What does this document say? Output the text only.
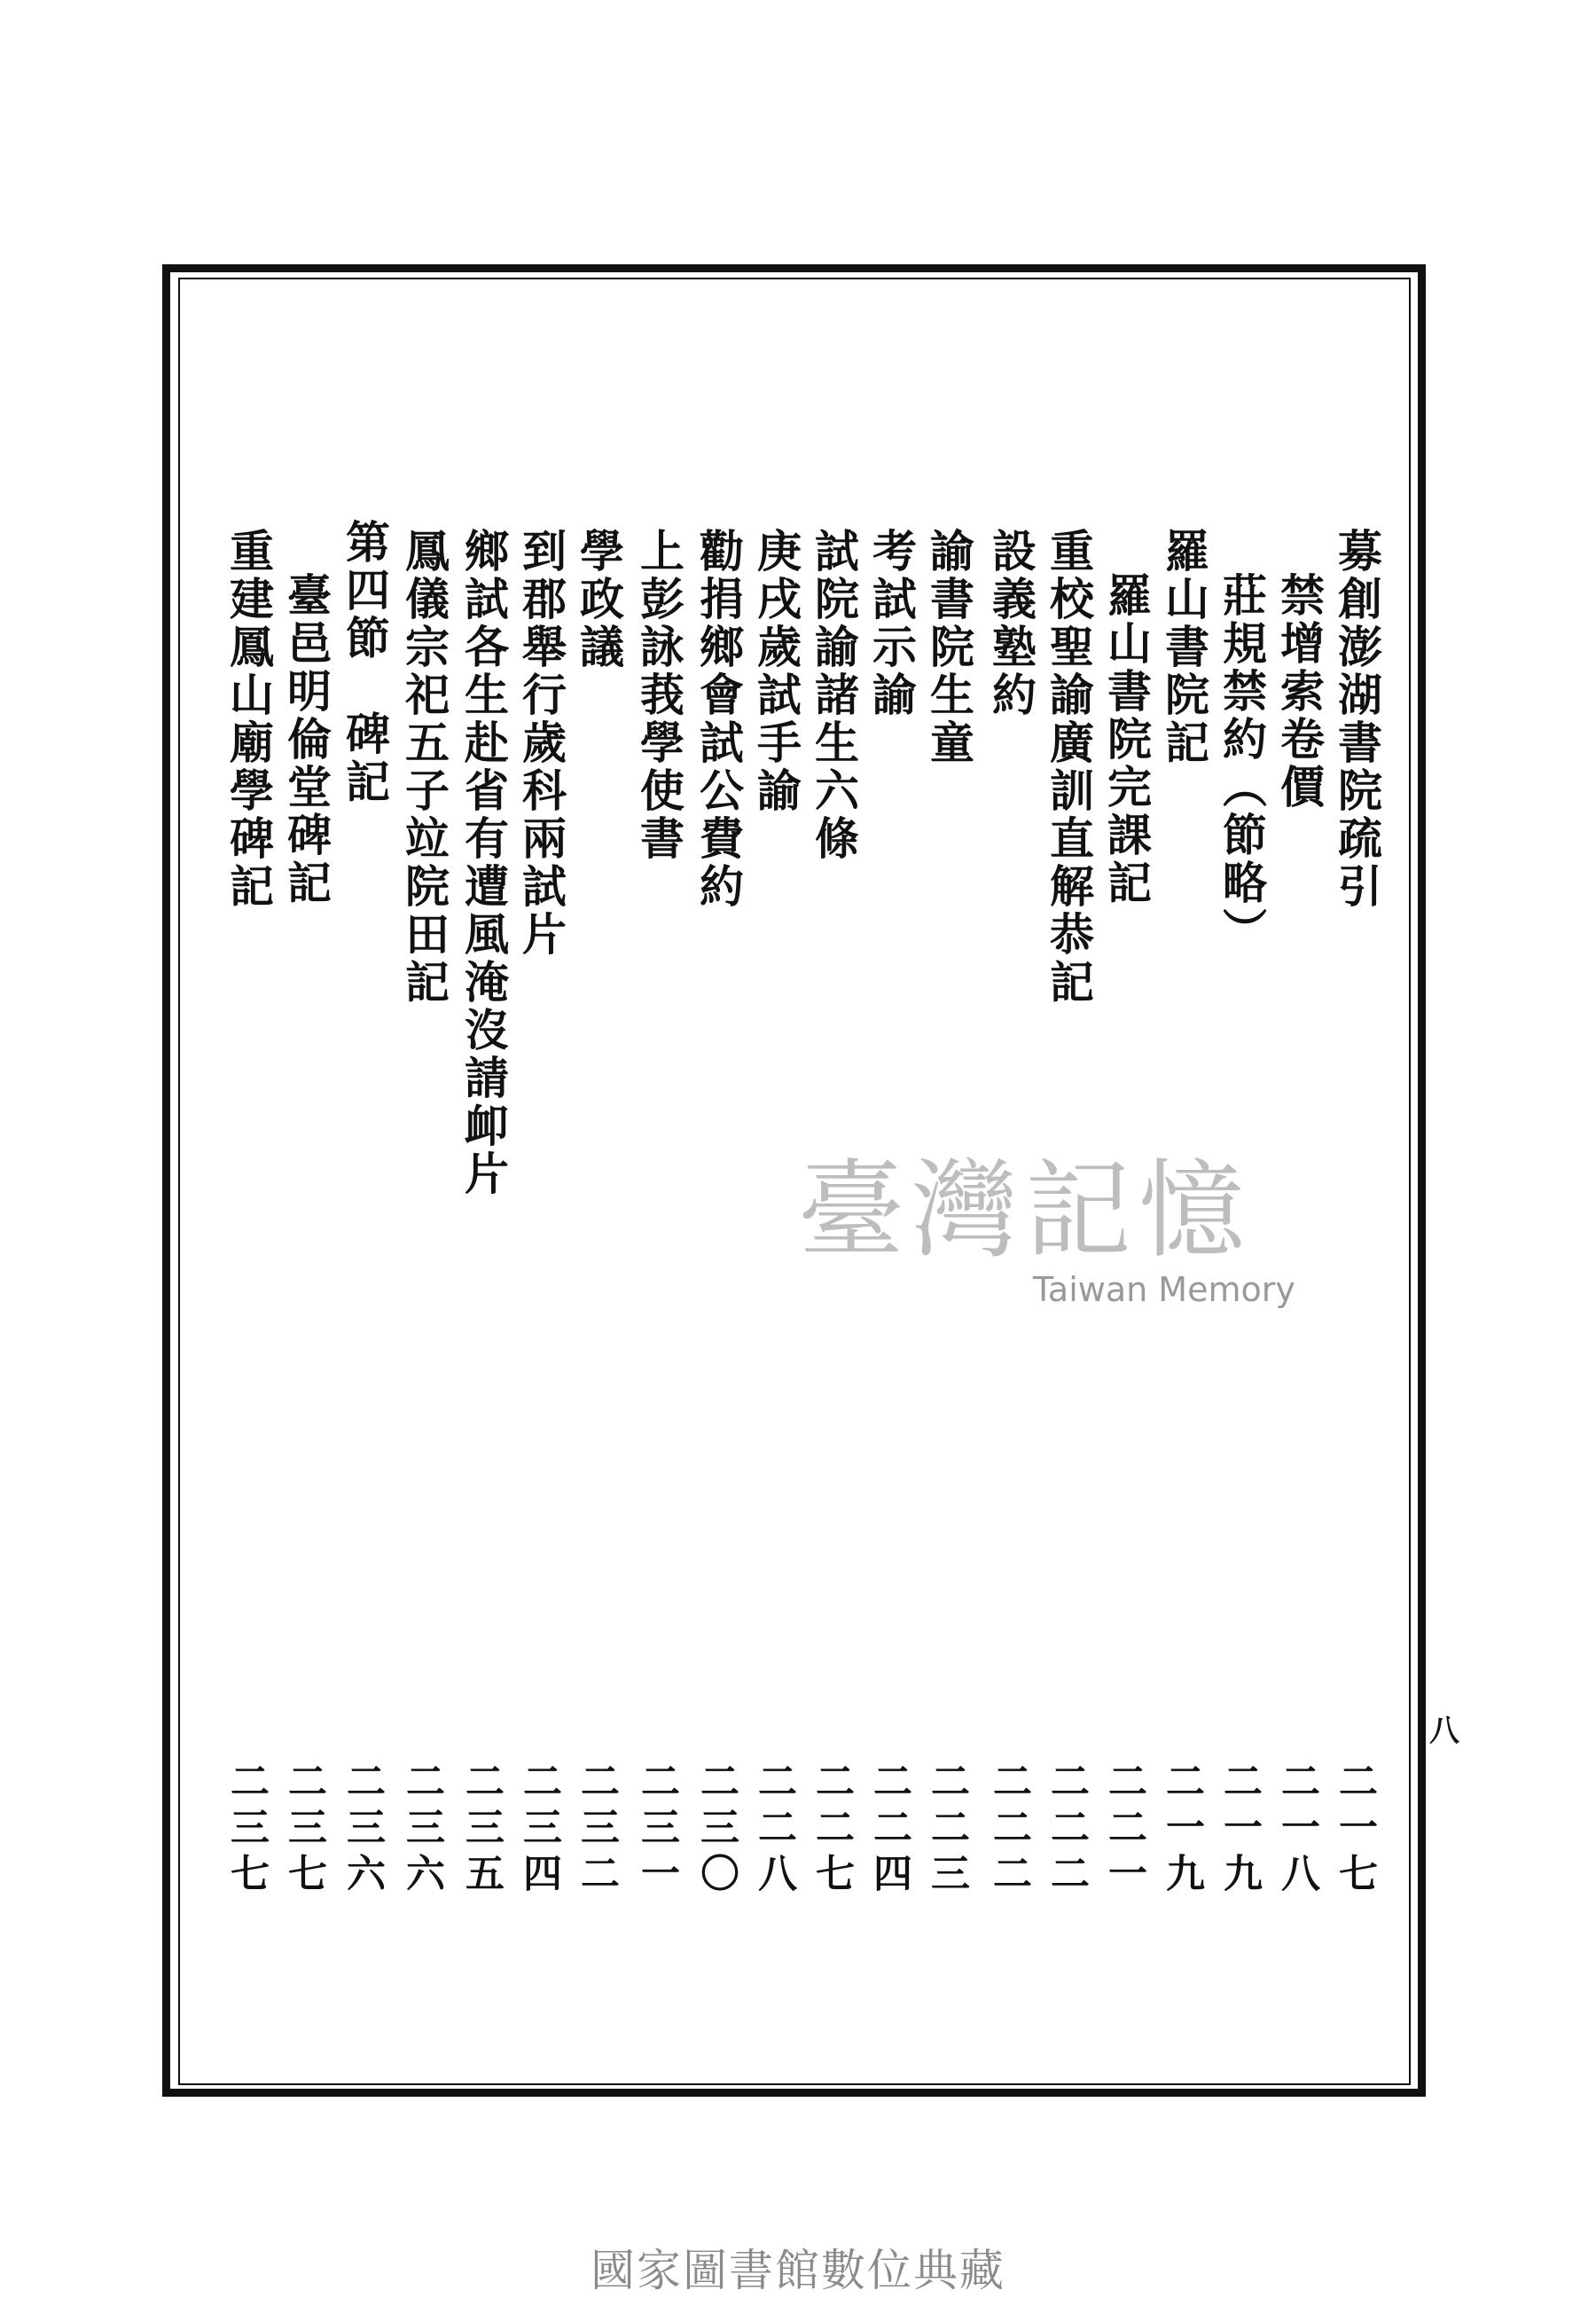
八
募創澎湖書院疏引
禁增索卷價
莊規禁約（節略）
羅山書院記
羅山書院完課記
重校聖諭廣訓直解恭記
設義塾約
諭書院生童
考試示諭
試院諭諸生六條
庚戌歲試手諭
勸捐鄉會試公費約
上彭詠莪學使書
學政議
到郡舉行歲科兩試片
鄉試各生赴省有遭風淹沒請卹片
鳳儀宗祀五子竝院田記
第四節　碑記
臺邑明倫堂碑記
重建鳳山廟學碑記
二一七
二一八
二一九
二一九
二二一
二二二
二二二
二二三
二二四
二二七
二二八
二三〇
二三一
二三二
二三四
二三五
二三六
二三六
二三七
二三七
臺灣記憶
Taiwan Memory
國家圖書館數位典藏
